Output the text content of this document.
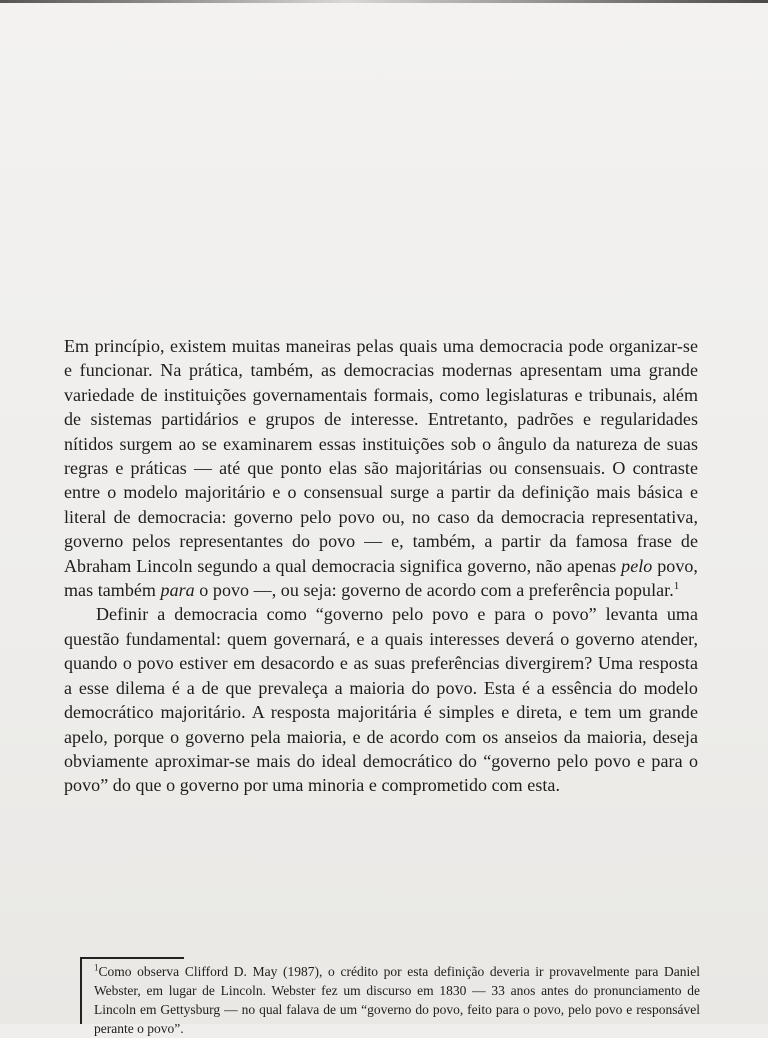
Em princípio, existem muitas maneiras pelas quais uma democracia pode organizar-se e funcionar. Na prática, também, as democracias modernas apresentam uma grande variedade de instituições governamentais formais, como legislaturas e tribunais, além de sistemas partidários e grupos de interesse. Entretanto, padrões e regularidades nítidos surgem ao se examinarem essas instituições sob o ângulo da natureza de suas regras e práticas — até que ponto elas são majoritárias ou consensuais. O contraste entre o modelo majoritário e o consensual surge a partir da definição mais básica e literal de democracia: governo pelo povo ou, no caso da democracia representativa, governo pelos representantes do povo — e, também, a partir da famosa frase de Abraham Lincoln segundo a qual democracia significa governo, não apenas pelo povo, mas também para o povo —, ou seja: governo de acordo com a preferência popular.$^1$

Definir a democracia como “governo pelo povo e para o povo” levanta uma questão fundamental: quem governará, e a quais interesses deverá o governo atender, quando o povo estiver em desacordo e as suas preferências divergirem? Uma resposta a esse dilema é a de que prevaleça a maioria do povo. Esta é a essência do modelo democrático majoritário. A resposta majoritária é simples e direta, e tem um grande apelo, porque o governo pela maioria, e de acordo com os anseios da maioria, deseja obviamente aproximar-se mais do ideal democrático do “governo pelo povo e para o povo” do que o governo por uma minoria e comprometido com esta.

$^1$Como observa Clifford D. May (1987), o crédito por esta definição deveria ir provavelmente para Daniel Webster, em lugar de Lincoln. Webster fez um discurso em 1830 — 33 anos antes do pronunciamento de Lincoln em Gettysburg — no qual falava de um “governo do povo, feito para o povo, pelo povo e responsável perante o povo”.
